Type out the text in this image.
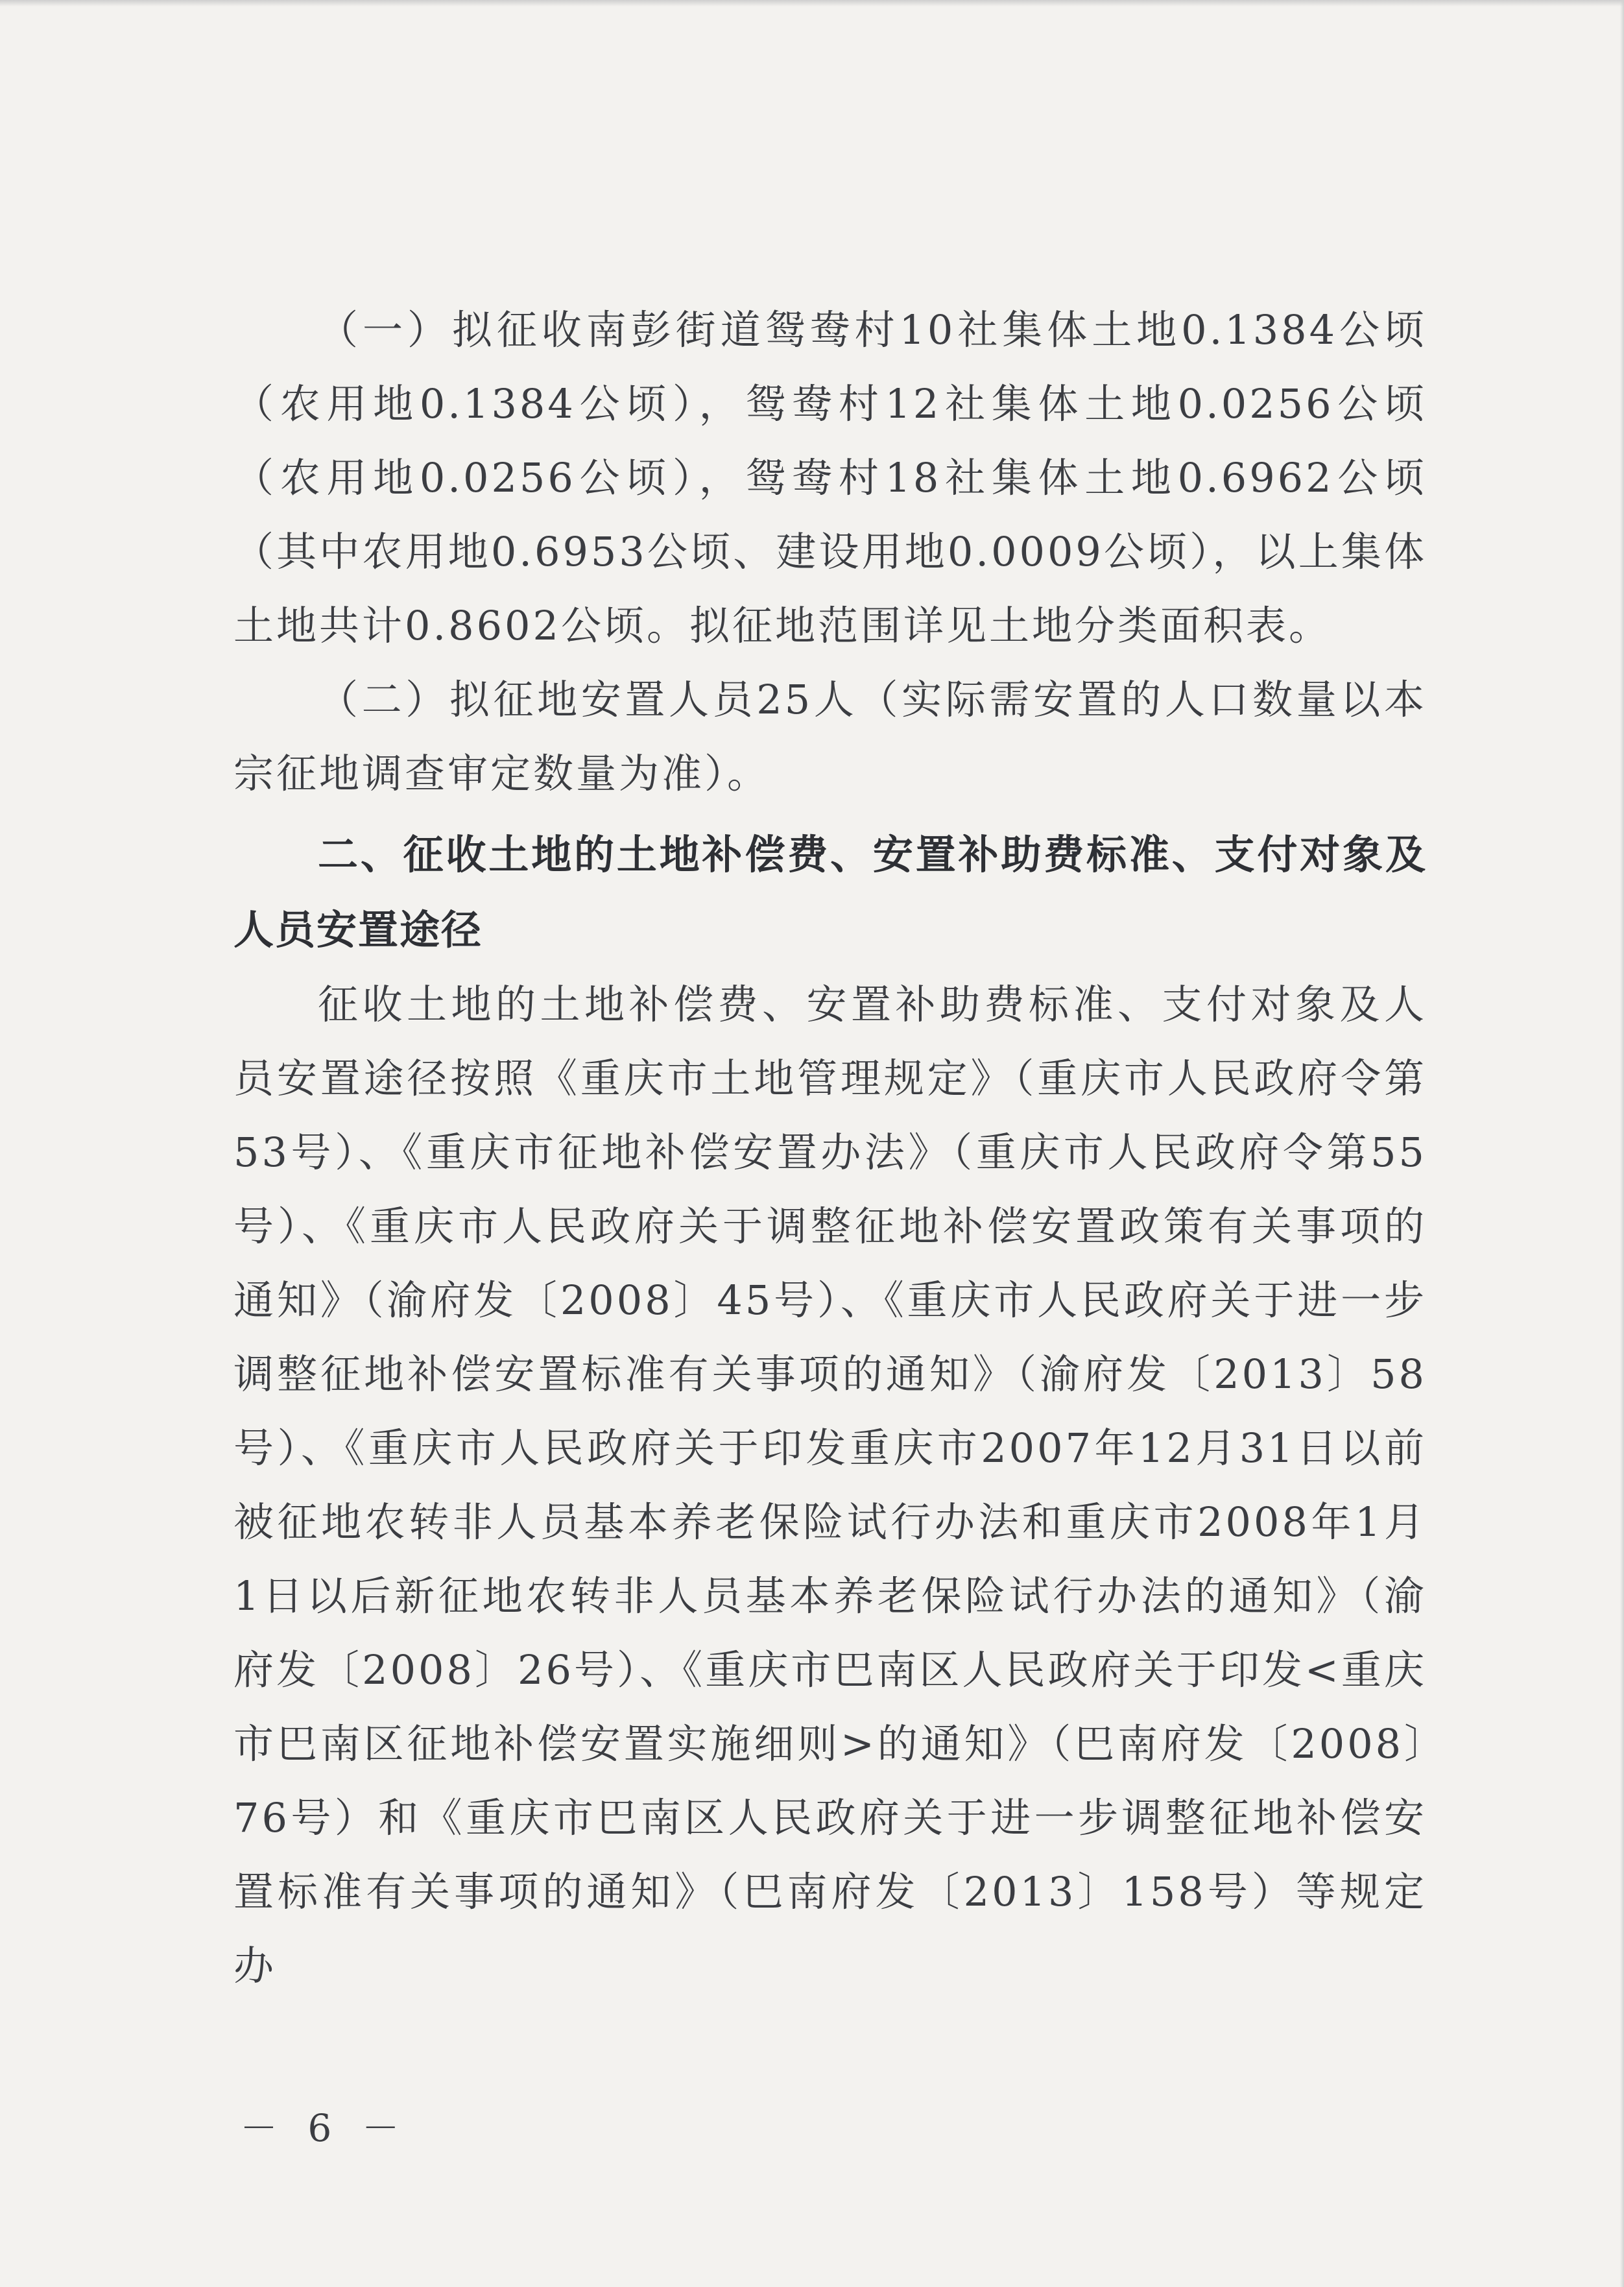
（一）拟征收南彭街道鸳鸯村10社集体土地0.1384公顷（农用地0.1384公顷），鸳鸯村12社集体土地0.0256公顷（农用地0.0256公顷），鸳鸯村18社集体土地0.6962公顷（其中农用地0.6953公顷、建设用地0.0009公顷），以上集体土地共计0.8602公顷。拟征地范围详见土地分类面积表。

（二）拟征地安置人员25人（实际需安置的人口数量以本宗征地调查审定数量为准）。

二、征收土地的土地补偿费、安置补助费标准、支付对象及人员安置途径

征收土地的土地补偿费、安置补助费标准、支付对象及人员安置途径按照《重庆市土地管理规定》（重庆市人民政府令第53号）、《重庆市征地补偿安置办法》（重庆市人民政府令第55号）、《重庆市人民政府关于调整征地补偿安置政策有关事项的通知》（渝府发〔2008〕45号）、《重庆市人民政府关于进一步调整征地补偿安置标准有关事项的通知》（渝府发〔2013〕58号）、《重庆市人民政府关于印发重庆市2007年12月31日以前被征地农转非人员基本养老保险试行办法和重庆市2008年1月1日以后新征地农转非人员基本养老保险试行办法的通知》（渝府发〔2008〕26号）、《重庆市巴南区人民政府关于印发<重庆市巴南区征地补偿安置实施细则>的通知》（巴南府发〔2008〕76号）和《重庆市巴南区人民政府关于进一步调整征地补偿安置标准有关事项的通知》（巴南府发〔2013〕158号）等规定办

－ 6 －
